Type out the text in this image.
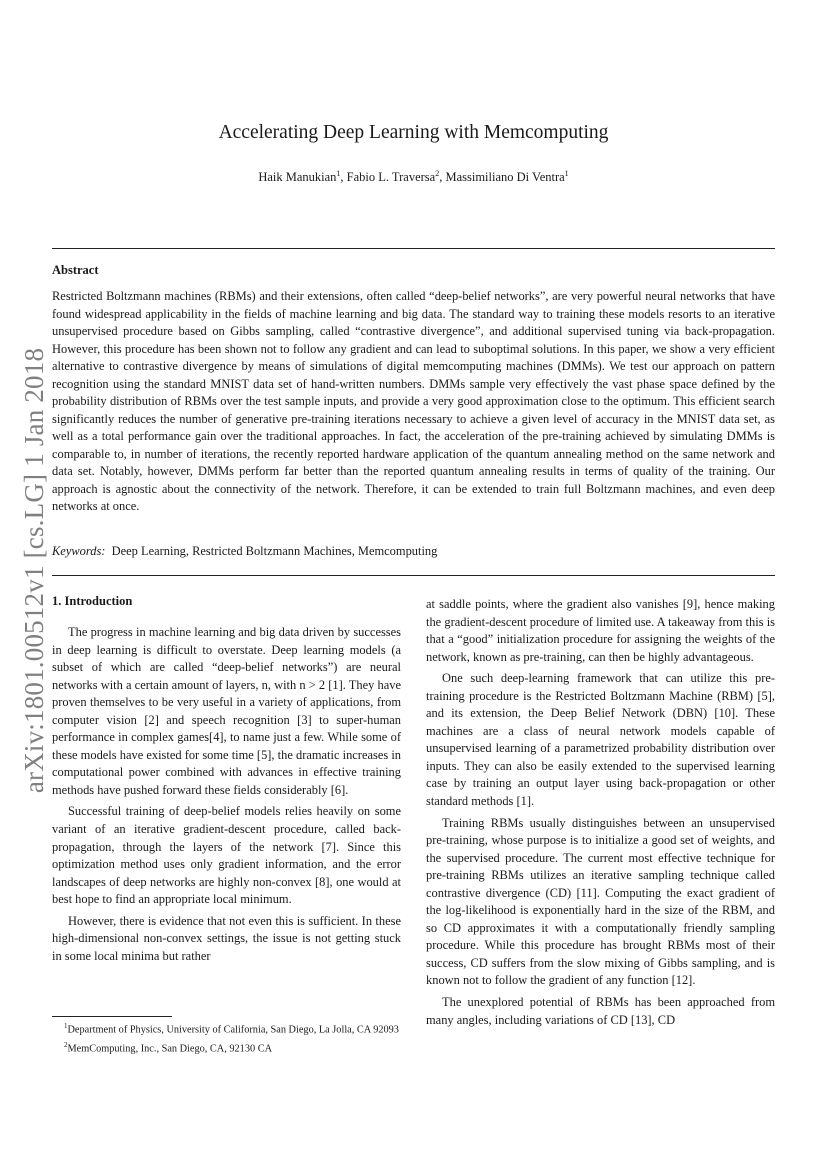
arXiv:1801.00512v1 [cs.LG] 1 Jan 2018
Accelerating Deep Learning with Memcomputing
Haik Manukian$^1$, Fabio L. Traversa$^2$, Massimiliano Di Ventra$^1$
Abstract
Restricted Boltzmann machines (RBMs) and their extensions, often called “deep-belief networks”, are very powerful neural networks that have found widespread applicability in the fields of machine learning and big data. The standard way to training these models resorts to an iterative unsupervised procedure based on Gibbs sampling, called “contrastive divergence”, and additional supervised tuning via back-propagation. However, this procedure has been shown not to follow any gradient and can lead to suboptimal solutions. In this paper, we show a very efficient alternative to contrastive divergence by means of simulations of digital memcomputing machines (DMMs). We test our approach on pattern recognition using the standard MNIST data set of hand-written numbers. DMMs sample very effectively the vast phase space defined by the probability distribution of RBMs over the test sample inputs, and provide a very good approximation close to the optimum. This efficient search significantly reduces the number of generative pre-training iterations necessary to achieve a given level of accuracy in the MNIST data set, as well as a total performance gain over the traditional approaches. In fact, the acceleration of the pre-training achieved by simulating DMMs is comparable to, in number of iterations, the recently reported hardware application of the quantum annealing method on the same network and data set. Notably, however, DMMs perform far better than the reported quantum annealing results in terms of quality of the training. Our approach is agnostic about the connectivity of the network. Therefore, it can be extended to train full Boltzmann machines, and even deep networks at once.
Keywords: Deep Learning, Restricted Boltzmann Machines, Memcomputing
1. Introduction

The progress in machine learning and big data driven by successes in deep learning is difficult to overstate. Deep learning models (a subset of which are called “deep-belief networks”) are neural networks with a certain amount of layers, n, with n > 2 [1]. They have proven themselves to be very useful in a variety of applications, from computer vision [2] and speech recognition [3] to super-human performance in complex games[4], to name just a few. While some of these models have existed for some time [5], the dramatic increases in computational power combined with advances in effective training methods have pushed forward these fields considerably [6].

Successful training of deep-belief models relies heavily on some variant of an iterative gradient-descent procedure, called back-propagation, through the layers of the network [7]. Since this optimization method uses only gradient information, and the error landscapes of deep networks are highly non-convex [8], one would at best hope to find an appropriate local minimum.

However, there is evidence that not even this is sufficient. In these high-dimensional non-convex settings, the issue is not getting stuck in some local minima but rather

at saddle points, where the gradient also vanishes [9], hence making the gradient-descent procedure of limited use. A takeaway from this is that a “good” initialization procedure for assigning the weights of the network, known as pre-training, can then be highly advantageous.

One such deep-learning framework that can utilize this pre-training procedure is the Restricted Boltzmann Machine (RBM) [5], and its extension, the Deep Belief Network (DBN) [10]. These machines are a class of neural network models capable of unsupervised learning of a parametrized probability distribution over inputs. They can also be easily extended to the supervised learning case by training an output layer using back-propagation or other standard methods [1].

Training RBMs usually distinguishes between an unsupervised pre-training, whose purpose is to initialize a good set of weights, and the supervised procedure. The current most effective technique for pre-training RBMs utilizes an iterative sampling technique called contrastive divergence (CD) [11]. Computing the exact gradient of the log-likelihood is exponentially hard in the size of the RBM, and so CD approximates it with a computationally friendly sampling procedure. While this procedure has brought RBMs most of their success, CD suffers from the slow mixing of Gibbs sampling, and is known not to follow the gradient of any function [12].

The unexplored potential of RBMs has been approached from many angles, including variations of CD [13], CD

$^1$Department of Physics, University of California, San Diego, La Jolla, CA 92093

$^2$MemComputing, Inc., San Diego, CA, 92130 CA
